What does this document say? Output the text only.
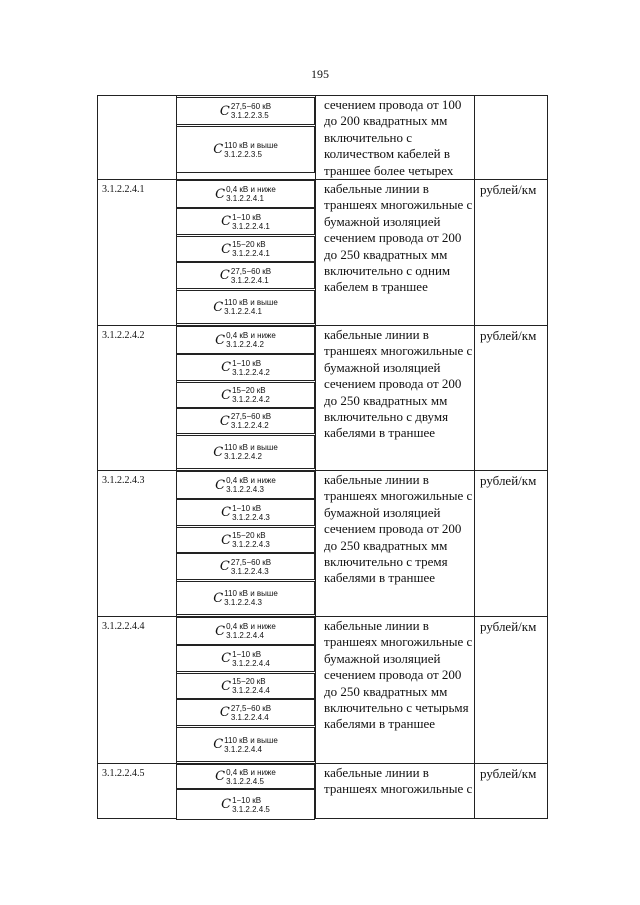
195
C 27,5−60 кВ
3.1.2.2.3.5
C 110 кВ и выше
3.1.2.2.3.5
сечением провода от 100 до 200 квадратных мм включительно с количеством кабелей в траншее более четырех
3.1.2.2.4.1	C 0,4 кВ и ниже
3.1.2.2.4.1
C 1−10 кВ
3.1.2.2.4.1
C 15−20 кВ
3.1.2.2.4.1
C 27,5−60 кВ
3.1.2.2.4.1
C 110 кВ и выше
3.1.2.2.4.1
кабельные линии в траншеях многожильные с бумажной изоляцией сечением провода от 200 до 250 квадратных мм включительно с одним кабелем в траншее
рублей/км
3.1.2.2.4.2	C 0,4 кВ и ниже
3.1.2.2.4.2
C 1−10 кВ
3.1.2.2.4.2
C 15−20 кВ
3.1.2.2.4.2
C 27,5−60 кВ
3.1.2.2.4.2
C 110 кВ и выше
3.1.2.2.4.2
кабельные линии в траншеях многожильные с бумажной изоляцией сечением провода от 200 до 250 квадратных мм включительно с двумя кабелями в траншее
рублей/км
3.1.2.2.4.3	C 0,4 кВ и ниже
3.1.2.2.4.3
C 1−10 кВ
3.1.2.2.4.3
C 15−20 кВ
3.1.2.2.4.3
C 27,5−60 кВ
3.1.2.2.4.3
C 110 кВ и выше
3.1.2.2.4.3
кабельные линии в траншеях многожильные с бумажной изоляцией сечением провода от 200 до 250 квадратных мм включительно с тремя кабелями в траншее
рублей/км
3.1.2.2.4.4	C 0,4 кВ и ниже
3.1.2.2.4.4
C 1−10 кВ
3.1.2.2.4.4
C 15−20 кВ
3.1.2.2.4.4
C 27,5−60 кВ
3.1.2.2.4.4
C 110 кВ и выше
3.1.2.2.4.4
кабельные линии в траншеях многожильные с бумажной изоляцией сечением провода от 200 до 250 квадратных мм включительно с четырьмя кабелями в траншее
рублей/км
3.1.2.2.4.5	C 0,4 кВ и ниже
3.1.2.2.4.5
C 1−10 кВ
3.1.2.2.4.5
кабельные линии в траншеях многожильные с
рублей/км
